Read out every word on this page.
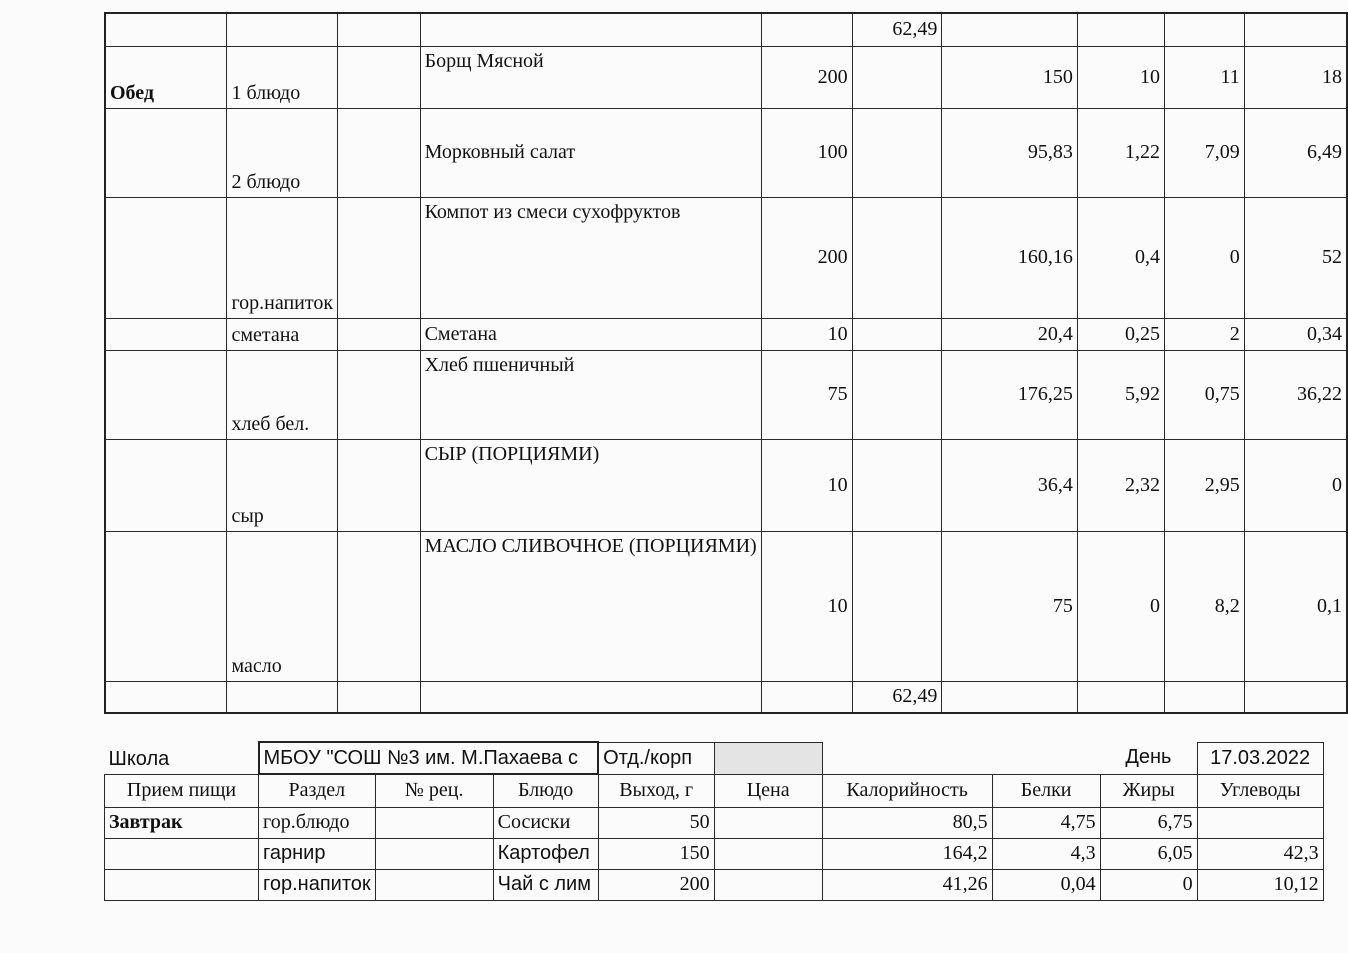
					62,49				
Обед	1 блюдо		Борщ Мясной	200		150	10	11	18
	2 блюдо		Морковный салат	100		95,83	1,22	7,09	6,49
	гор.напиток		Компот из смеси сухофруктов	200		160,16	0,4	0	52
	сметана		Сметана	10		20,4	0,25	2	0,34
	хлеб бел.		Хлеб пшеничный	75		176,25	5,92	0,75	36,22
	сыр		СЫР (ПОРЦИЯМИ)	10		36,4	2,32	2,95	0
	масло		МАСЛО СЛИВОЧНОЕ (ПОРЦИЯМИ)	10		75	0	8,2	0,1
					62,49				
Школа	МБОУ "СОШ №3 им. М.Пахаева с			Отд./корп				День	17.03.2022
Прием пищи	Раздел	№ рец.	Блюдо	Выход, г	Цена	Калорийность	Белки	Жиры	Углеводы
Завтрак	гор.блюдо		Сосиски	50		80,5	4,75	6,75	
	гарнир		Картофел	150		164,2	4,3	6,05	42,3
	гор.напиток		Чай с лим	200		41,26	0,04	0	10,12
